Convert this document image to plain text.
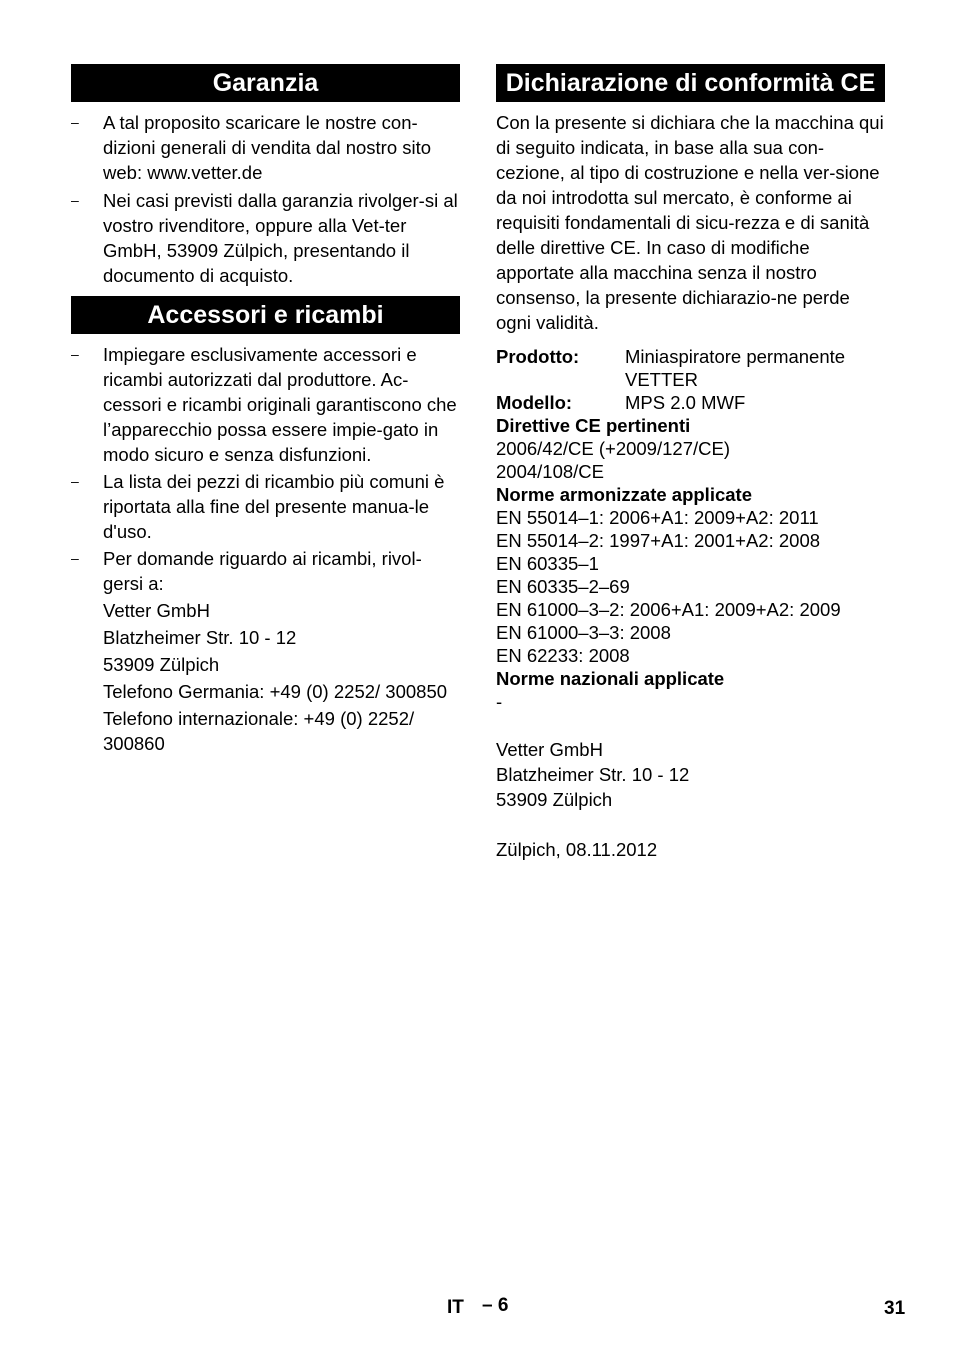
Garanzia
– A tal proposito scaricare le nostre con-dizioni generali di vendita dal nostro sito web: www.vetter.de
– Nei casi previsti dalla garanzia rivolger-si al vostro rivenditore, oppure alla Vet-ter GmbH, 53909 Zülpich, presentando il documento di acquisto.
Accessori e ricambi
– Impiegare esclusivamente accessori e ricambi autorizzati dal produttore. Ac-cessori e ricambi originali garantiscono che l’apparecchio possa essere impie-gato in modo sicuro e senza disfunzioni.
– La lista dei pezzi di ricambio più comuni è riportata alla fine del presente manua-le d'uso.
– Per domande riguardo ai ricambi, rivol-gersi a:
Vetter GmbH
Blatzheimer Str. 10 - 12
53909 Zülpich
Telefono Germania: +49 (0) 2252/ 300850
Telefono internazionale: +49 (0) 2252/ 300860
Dichiarazione di conformità CE

Con la presente si dichiara che la macchina qui di seguito indicata, in base alla sua con-cezione, al tipo di costruzione e nella ver-sione da noi introdotta sul mercato, è conforme ai requisiti fondamentali di sicu-rezza e di sanità delle direttive CE. In caso di modifiche apportate alla macchina senza il nostro consenso, la presente dichiarazio-ne perde ogni validità.

Prodotto:	Miniaspiratore permanente VETTER
Modello:	MPS 2.0 MWF
Direttive CE pertinenti
2006/42/CE (+2009/127/CE)
2004/108/CE
Norme armonizzate applicate
EN 55014–1: 2006+A1: 2009+A2: 2011
EN 55014–2: 1997+A1: 2001+A2: 2008
EN 60335–1
EN 60335–2–69
EN 61000–3–2: 2006+A1: 2009+A2: 2009
EN 61000–3–3: 2008
EN 62233: 2008
Norme nazionali applicate
-
Vetter GmbH
Blatzheimer Str. 10 - 12
53909 Zülpich
Zülpich, 08.11.2012
IT – 6	31
